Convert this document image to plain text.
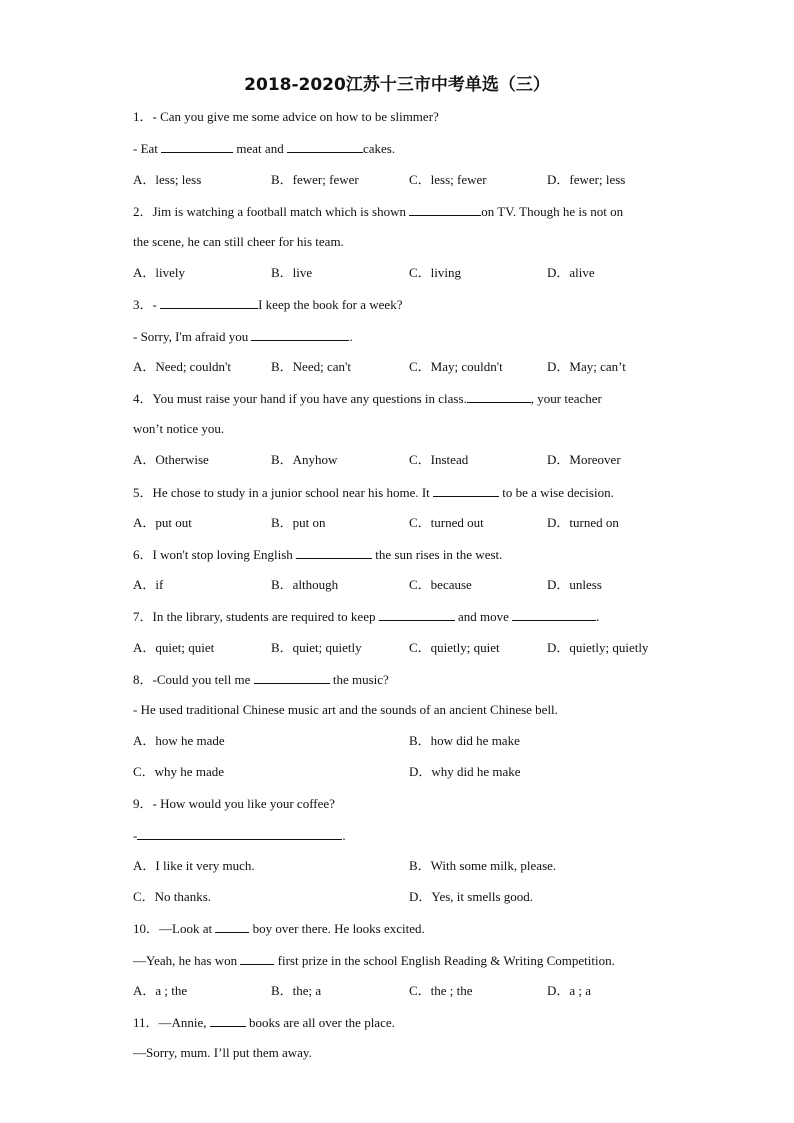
2018-2020江苏十三市中考单选（三）
1．- Can you give me some advice on how to be slimmer?
- Eat	meat and	cakes.
A．less; less	B．fewer; fewer	C．less; fewer	D．fewer; less
2．Jim is watching a football match which is shown	on TV. Though he is not on
the scene, he can still cheer for his team.
A．lively	B．live	C．living	D．alive
3．-	I keep the book for a week?
- Sorry, I'm afraid you	.
A．Need; couldn't	B．Need; can't	C．May; couldn't	D．May; can’t
4．You must raise your hand if you have any questions in class.	, your teacher
won’t notice you.
A．Otherwise	B．Anyhow	C．Instead	D．Moreover
5．He chose to study in a junior school near his home. It	to be a wise decision.
A．put out	B．put on	C．turned out	D．turned on
6．I won't stop loving English	the sun rises in the west.
A．if	B．although	C．because	D．unless
7．In the library, students are required to keep	and move	.
A．quiet; quiet	B．quiet; quietly	C．quietly; quiet	D．quietly; quietly
8．-Could you tell me	the music?
- He used traditional Chinese music art and the sounds of an ancient Chinese bell.
A．how he made	B．how did he make
C．why he made	D．why did he make
9．- How would you like your coffee?
-	.
A．I like it very much.	B．With some milk, please.
C．No thanks.	D．Yes, it smells good.
10．—Look at	boy over there. He looks excited.
—Yeah, he has won	first prize in the school English Reading & Writing Competition.
A．a ; the	B．the; a	C．the ; the	D．a ; a
11．—Annie,	books are all over the place.
—Sorry, mum. I’ll put them away.
